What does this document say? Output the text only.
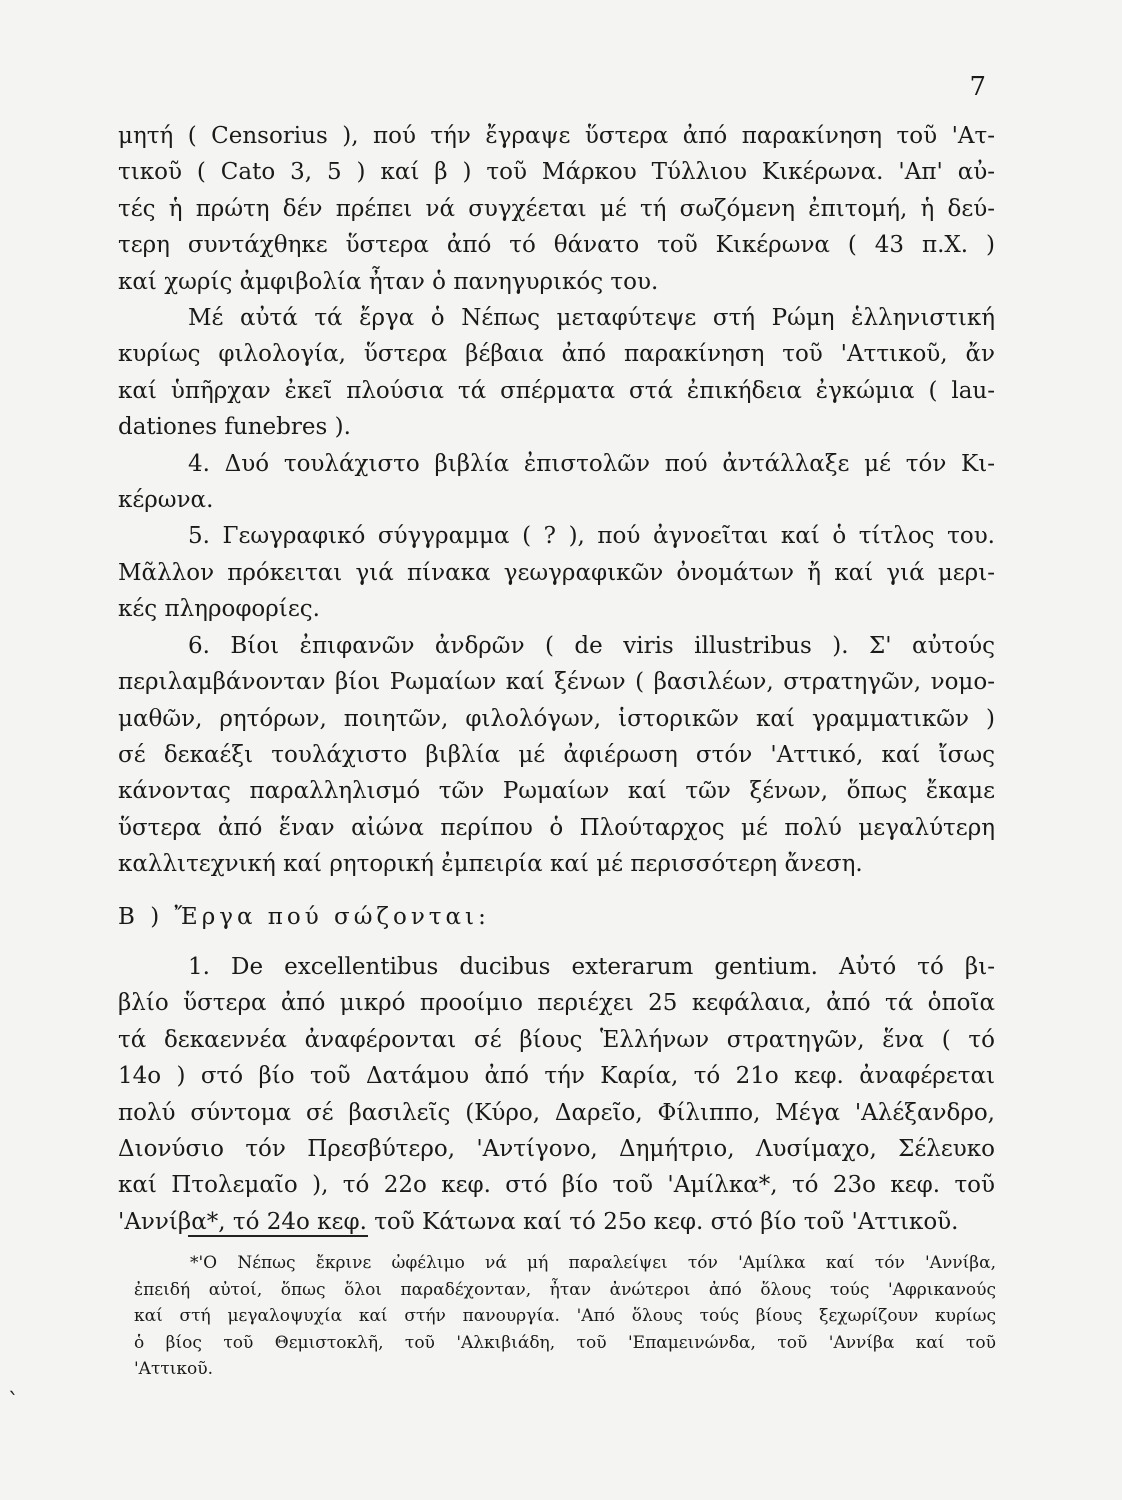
7
μητή ( Censorius ), πού τήν ἔγραψε ὕστερα ἀπό παρακίνηση τοῦ 'Ατ-
τικοῦ ( Cato 3, 5 ) καί β ) τοῦ Μάρκου Τύλλιου Κικέρωνα. 'Απ' αὐ-
τές ἡ πρώτη δέν πρέπει νά συγχέεται μέ τή σωζόμενη ἐπιτομή, ἡ δεύ-
τερη συντάχθηκε ὕστερα ἀπό τό θάνατο τοῦ Κικέρωνα ( 43 π.Χ. )
καί χωρίς ἀμφιβολία ἦταν ὁ πανηγυρικός του.
Μέ αὐτά τά ἔργα ὁ Νέπως μεταφύτεψε στή Ρώμη ἑλληνιστική
κυρίως φιλολογία, ὕστερα βέβαια ἀπό παρακίνηση τοῦ 'Αττικοῦ, ἄν
καί ὑπῆρχαν ἐκεῖ πλούσια τά σπέρματα στά ἐπικήδεια ἐγκώμια ( lau-
dationes funebres ).
4. Δυό τουλάχιστο βιβλία ἐπιστολῶν πού ἀντάλλαξε μέ τόν Κι-
κέρωνα.
5. Γεωγραφικό σύγγραμμα ( ? ), πού ἀγνοεῖται καί ὁ τίτλος του.
Μᾶλλον πρόκειται γιά πίνακα γεωγραφικῶν ὀνομάτων ἤ καί γιά μερι-
κές πληροφορίες.
6. Βίοι ἐπιφανῶν ἀνδρῶν ( de viris illustribus ). Σ' αὐτούς
περιλαμβάνονταν βίοι Ρωμαίων καί ξένων ( βασιλέων, στρατηγῶν, νομο-
μαθῶν, ρητόρων, ποιητῶν, φιλολόγων, ἱστορικῶν καί γραμματικῶν )
σέ δεκαέξι τουλάχιστο βιβλία μέ ἀφιέρωση στόν 'Αττικό, καί ἴσως
κάνοντας παραλληλισμό τῶν Ρωμαίων καί τῶν ξένων, ὅπως ἔκαμε
ὕστερα ἀπό ἕναν αἰώνα περίπου ὁ Πλούταρχος μέ πολύ μεγαλύτερη
καλλιτεχνική καί ρητορική ἐμπειρία καί μέ περισσότερη ἄνεση.
Β ) Ἔργα πού σώζονται:
1. De excellentibus ducibus exterarum gentium. Αὐτό τό βι-
βλίο ὕστερα ἀπό μικρό προοίμιο περιέχει 25 κεφάλαια, ἀπό τά ὁποῖα
τά δεκαεννέα ἀναφέρονται σέ βίους Ἑλλήνων στρατηγῶν, ἕνα ( τό
14ο ) στό βίο τοῦ Δατάμου ἀπό τήν Καρία, τό 21ο κεφ. ἀναφέρεται
πολύ σύντομα σέ βασιλεῖς (Κύρο, Δαρεῖο, Φίλιππο, Μέγα 'Αλέξανδρο,
Διονύσιο τόν Πρεσβύτερο, 'Αντίγονο, Δημήτριο, Λυσίμαχο, Σέλευκο
καί Πτολεμαῖο ), τό 22ο κεφ. στό βίο τοῦ 'Αμίλκα*, τό 23ο κεφ. τοῦ
'Αννίβα*, τό 24ο κεφ. τοῦ Κάτωνα καί τό 25ο κεφ. στό βίο τοῦ 'Αττικοῦ.
*'Ο Νέπως ἔκρινε ὠφέλιμο νά μή παραλείψει τόν 'Αμίλκα καί τόν 'Αννίβα,
ἐπειδή αὐτοί, ὅπως ὅλοι παραδέχονταν, ἦταν ἀνώτεροι ἀπό ὅλους τούς 'Αφρικανούς
καί στή μεγαλοψυχία καί στήν πανουργία. 'Από ὅλους τούς βίους ξεχωρίζουν κυρίως
ὁ βίος τοῦ Θεμιστοκλῆ, τοῦ 'Αλκιβιάδη, τοῦ 'Επαμεινώνδα, τοῦ 'Αννίβα καί τοῦ
'Αττικοῦ.
ˋ
